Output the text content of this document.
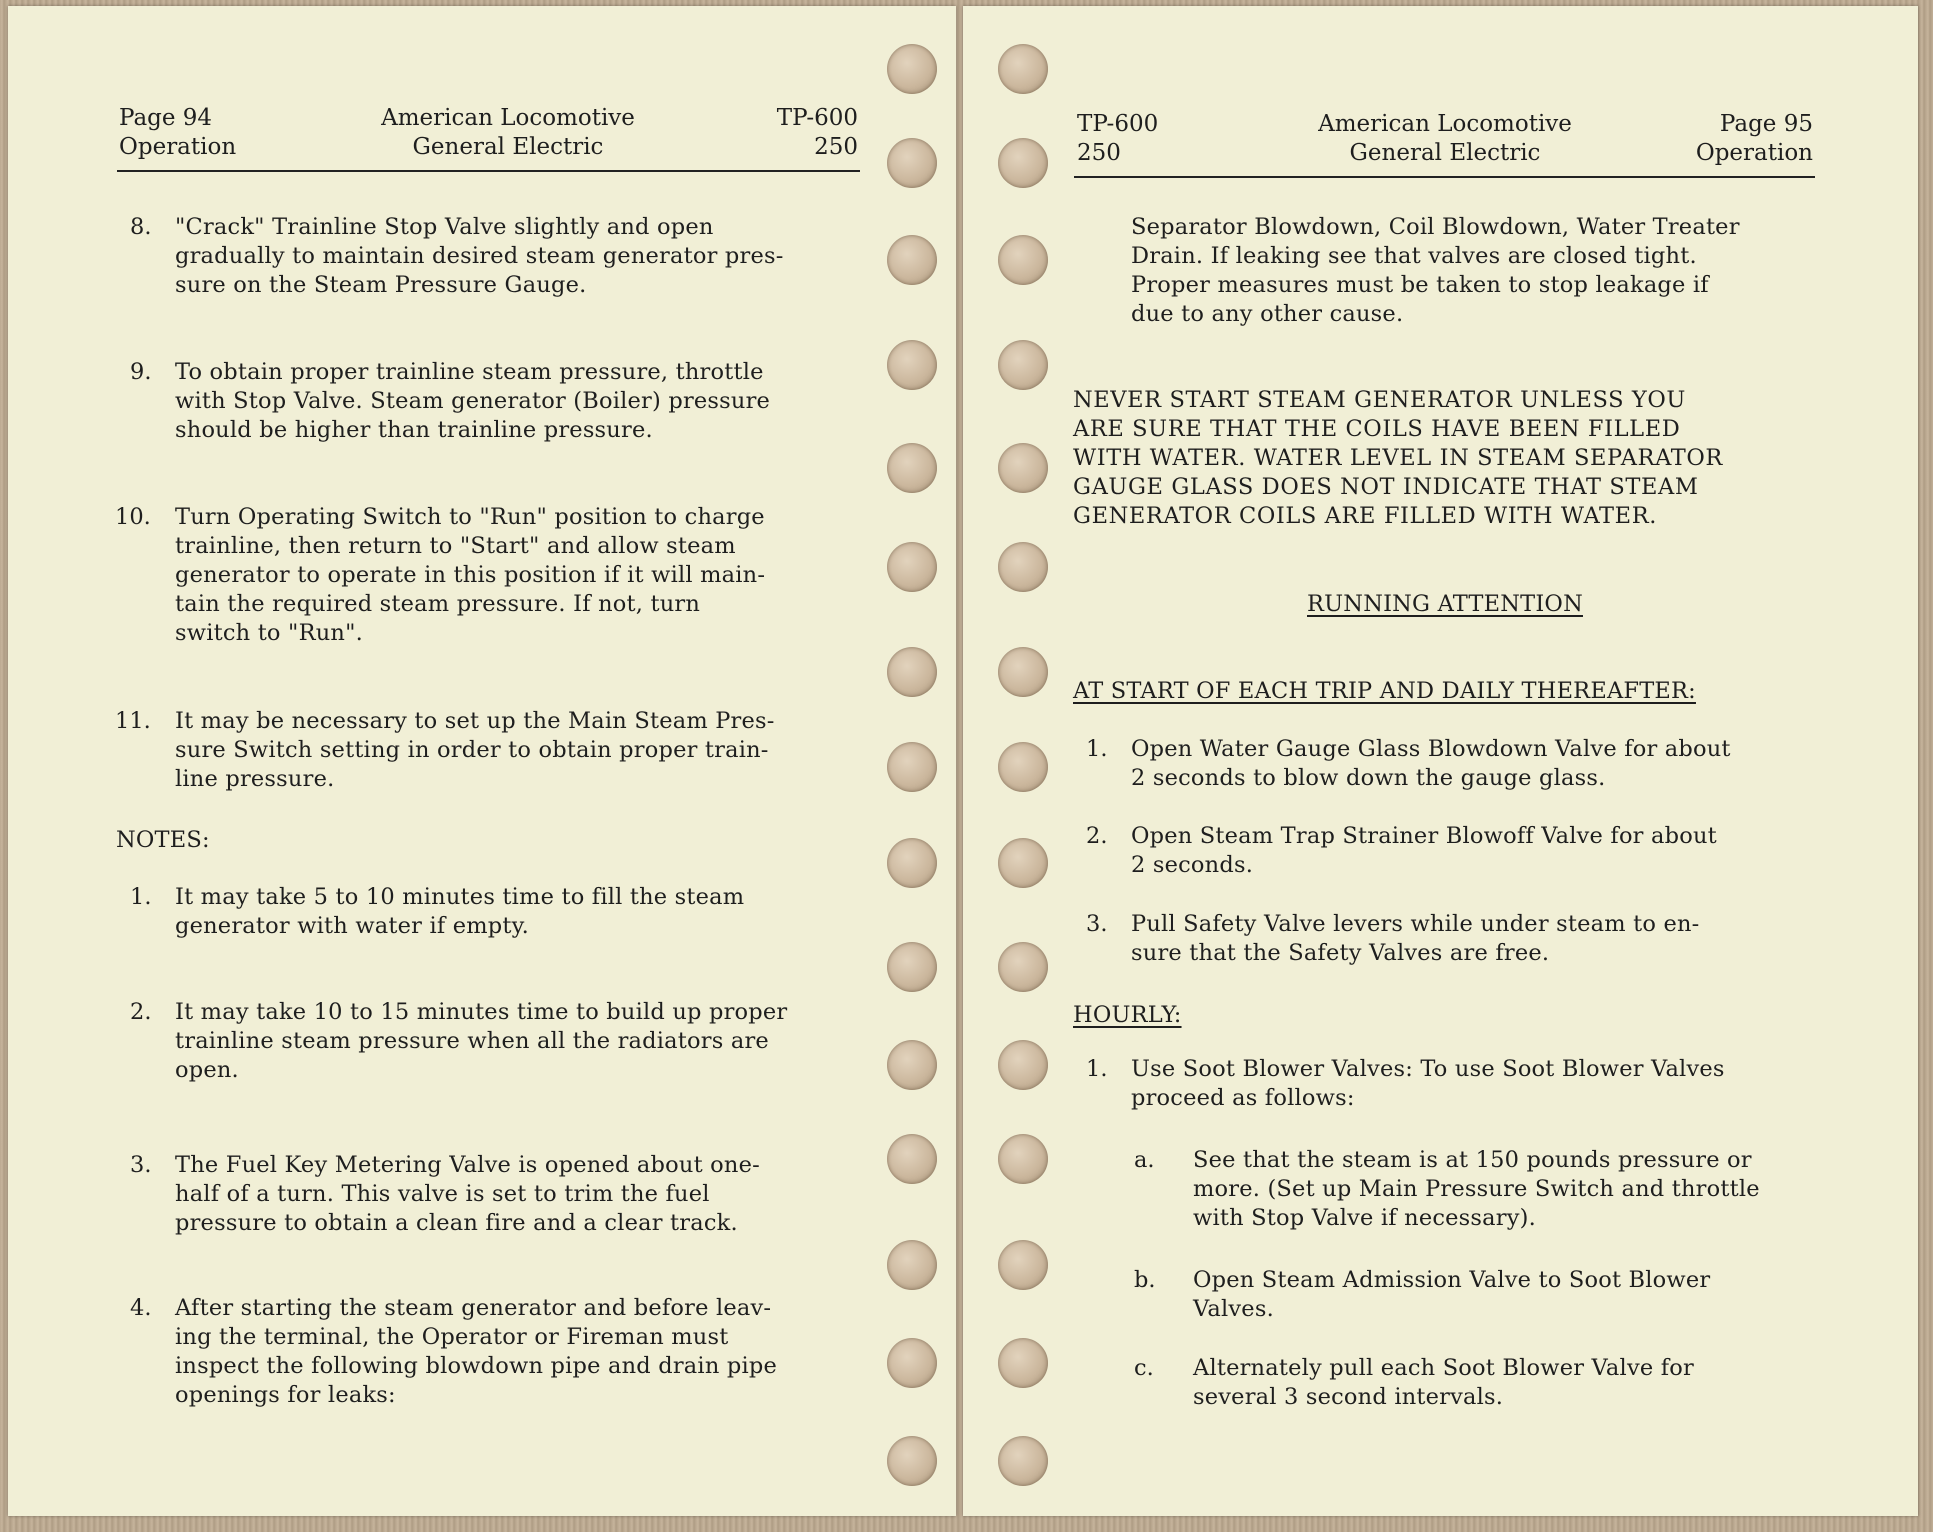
Page 94
Operation
American Locomotive
General Electric
TP-600
250
8. "Crack" Trainline Stop Valve slightly and open
gradually to maintain desired steam generator pres-
sure on the Steam Pressure Gauge.
9. To obtain proper trainline steam pressure, throttle
with Stop Valve. Steam generator (Boiler) pressure
should be higher than trainline pressure.
10. Turn Operating Switch to "Run" position to charge
trainline, then return to "Start" and allow steam
generator to operate in this position if it will main-
tain the required steam pressure. If not, turn
switch to "Run".
11. It may be necessary to set up the Main Steam Pres-
sure Switch setting in order to obtain proper train-
line pressure.
NOTES:
1. It may take 5 to 10 minutes time to fill the steam
generator with water if empty.
2. It may take 10 to 15 minutes time to build up proper
trainline steam pressure when all the radiators are
open.
3. The Fuel Key Metering Valve is opened about one-
half of a turn. This valve is set to trim the fuel
pressure to obtain a clean fire and a clear track.
4. After starting the steam generator and before leav-
ing the terminal, the Operator or Fireman must
inspect the following blowdown pipe and drain pipe
openings for leaks:
TP-600
250
American Locomotive
General Electric
Page 95
Operation
Separator Blowdown, Coil Blowdown, Water Treater
Drain. If leaking see that valves are closed tight.
Proper measures must be taken to stop leakage if
due to any other cause.
NEVER START STEAM GENERATOR UNLESS YOU
ARE SURE THAT THE COILS HAVE BEEN FILLED
WITH WATER. WATER LEVEL IN STEAM SEPARATOR
GAUGE GLASS DOES NOT INDICATE THAT STEAM
GENERATOR COILS ARE FILLED WITH WATER.
RUNNING ATTENTION
AT START OF EACH TRIP AND DAILY THEREAFTER:
1. Open Water Gauge Glass Blowdown Valve for about
2 seconds to blow down the gauge glass.
2. Open Steam Trap Strainer Blowoff Valve for about
2 seconds.
3. Pull Safety Valve levers while under steam to en-
sure that the Safety Valves are free.
HOURLY:
1. Use Soot Blower Valves: To use Soot Blower Valves
proceed as follows:
a. See that the steam is at 150 pounds pressure or
more. (Set up Main Pressure Switch and throttle
with Stop Valve if necessary).
b. Open Steam Admission Valve to Soot Blower
Valves.
c. Alternately pull each Soot Blower Valve for
several 3 second intervals.
